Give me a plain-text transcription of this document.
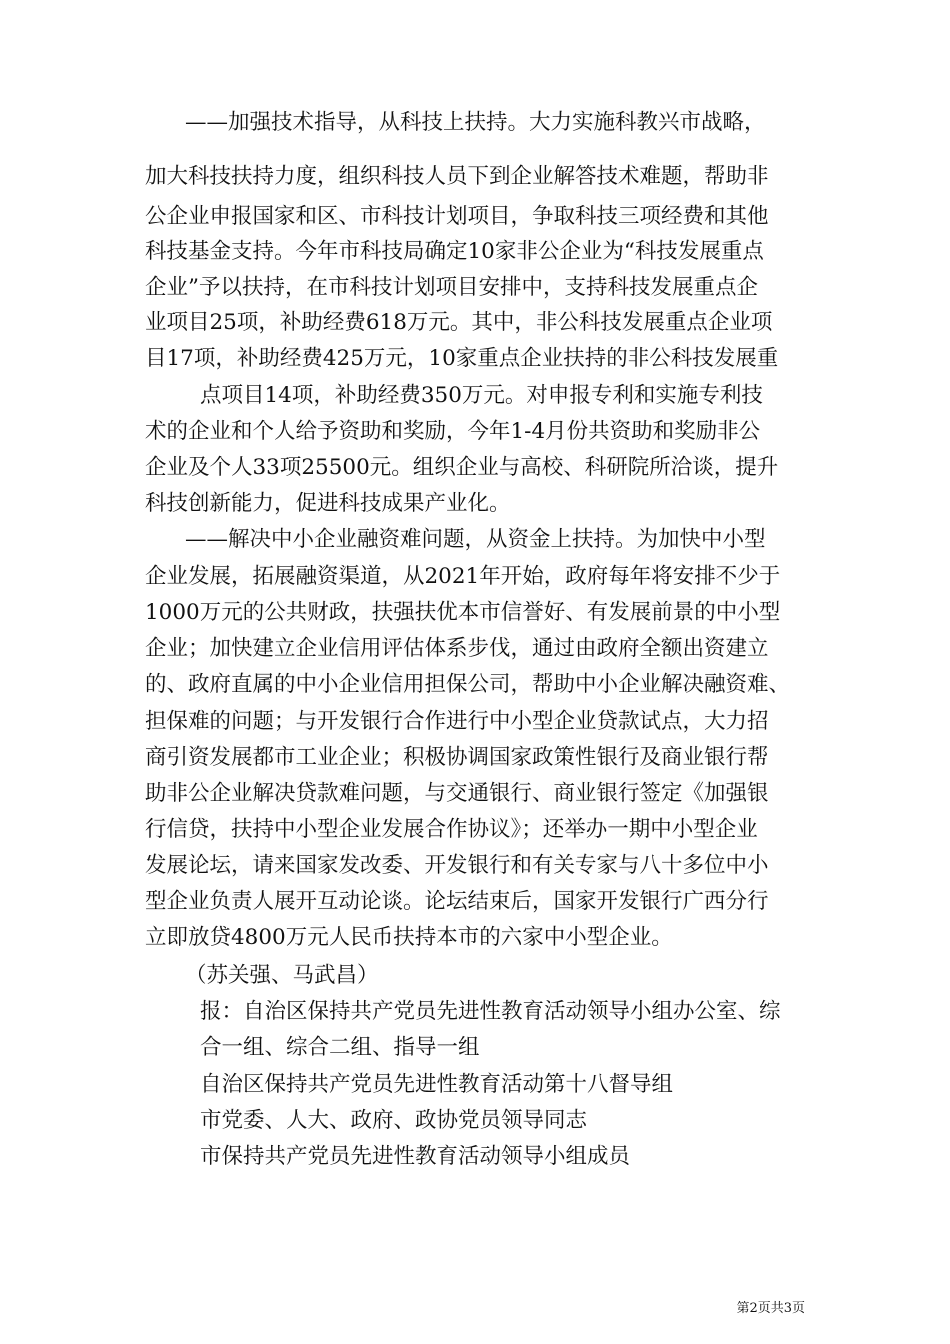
——加强技术指导，从科技上扶持。大力实施科教兴市战略，
加大科技扶持力度，组织科技人员下到企业解答技术难题，帮助非
公企业申报国家和区、市科技计划项目，争取科技三项经费和其他
科技基金支持。今年市科技局确定10家非公企业为“科技发展重点
企业”予以扶持，在市科技计划项目安排中，支持科技发展重点企
业项目25项，补助经费618万元。其中，非公科技发展重点企业项
目17项，补助经费425万元，10家重点企业扶持的非公科技发展重
点项目14项，补助经费350万元。对申报专利和实施专利技
术的企业和个人给予资助和奖励，今年1-4月份共资助和奖励非公
企业及个人33项25500元。组织企业与高校、科研院所洽谈，提升
科技创新能力，促进科技成果产业化。
——解决中小企业融资难问题，从资金上扶持。为加快中小型
企业发展，拓展融资渠道，从2021年开始，政府每年将安排不少于
1000万元的公共财政，扶强扶优本市信誉好、有发展前景的中小型
企业；加快建立企业信用评估体系步伐，通过由政府全额出资建立
的、政府直属的中小企业信用担保公司，帮助中小企业解决融资难、
担保难的问题；与开发银行合作进行中小型企业贷款试点，大力招
商引资发展都市工业企业；积极协调国家政策性银行及商业银行帮
助非公企业解决贷款难问题，与交通银行、商业银行签定《加强银
行信贷，扶持中小型企业发展合作协议》；还举办一期中小型企业
发展论坛，请来国家发改委、开发银行和有关专家与八十多位中小
型企业负责人展开互动论谈。论坛结束后，国家开发银行广西分行
立即放贷4800万元人民币扶持本市的六家中小型企业。
（苏关强、马武昌）
报：自治区保持共产党员先进性教育活动领导小组办公室、综
合一组、综合二组、指导一组
自治区保持共产党员先进性教育活动第十八督导组
市党委、人大、政府、政协党员领导同志
市保持共产党员先进性教育活动领导小组成员
第2页共3页
